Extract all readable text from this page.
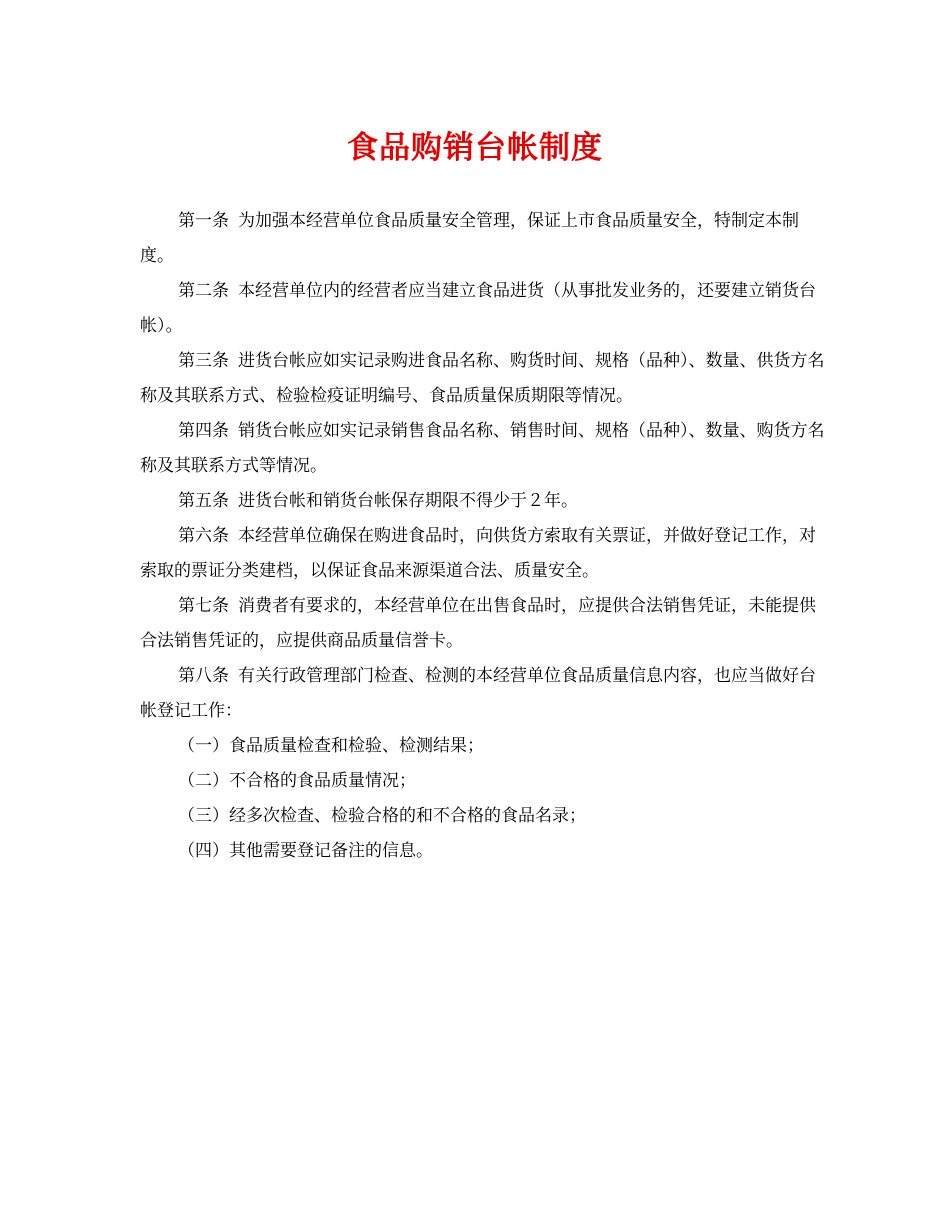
食品购销台帐制度

第一条 为加强本经营单位食品质量安全管理，保证上市食品质量安全，特制定本制度。

第二条 本经营单位内的经营者应当建立食品进货（从事批发业务的，还要建立销货台帐）。

第三条 进货台帐应如实记录购进食品名称、购货时间、规格（品种）、数量、供货方名称及其联系方式、检验检疫证明编号、食品质量保质期限等情况。

第四条 销货台帐应如实记录销售食品名称、销售时间、规格（品种）、数量、购货方名称及其联系方式等情况。

第五条 进货台帐和销货台帐保存期限不得少于２年。

第六条 本经营单位确保在购进食品时，向供货方索取有关票证，并做好登记工作，对索取的票证分类建档，以保证食品来源渠道合法、质量安全。

第七条 消费者有要求的，本经营单位在出售食品时，应提供合法销售凭证，未能提供合法销售凭证的，应提供商品质量信誉卡。

第八条 有关行政管理部门检查、检测的本经营单位食品质量信息内容，也应当做好台帐登记工作：

（一）食品质量检查和检验、检测结果；

（二）不合格的食品质量情况；

（三）经多次检查、检验合格的和不合格的食品名录；

（四）其他需要登记备注的信息。
